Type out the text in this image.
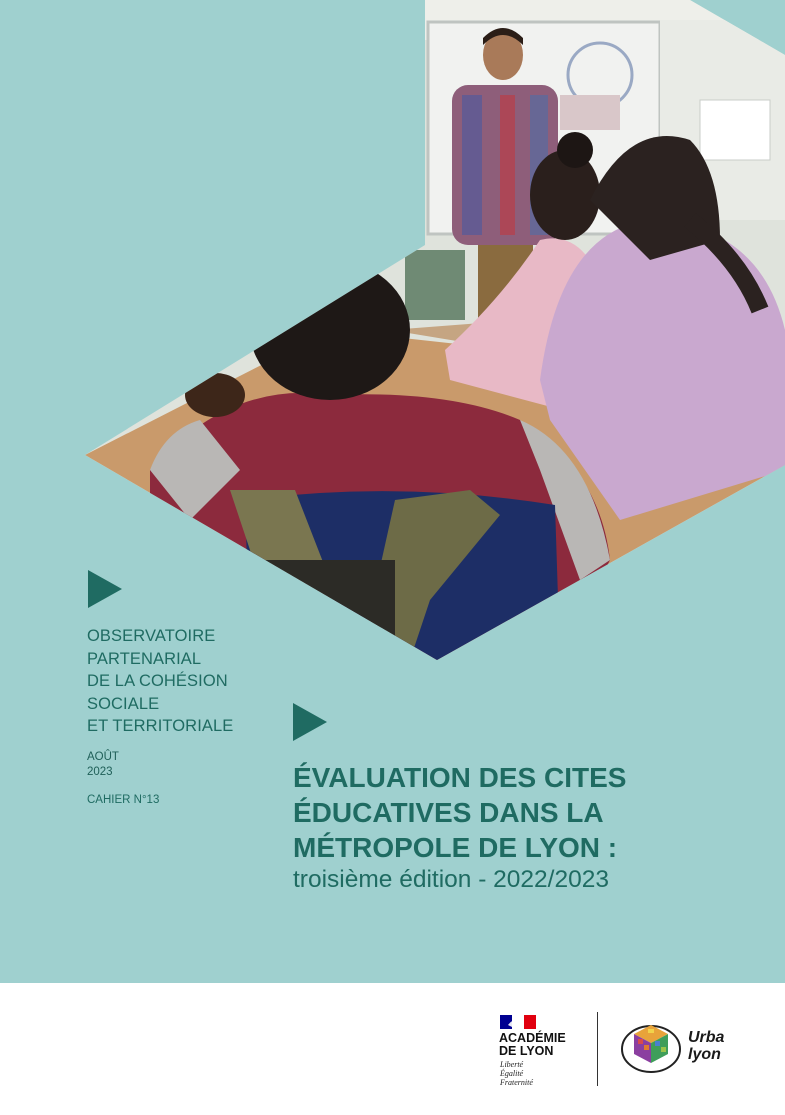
OBSERVATOIRE
PARTENARIAL
DE LA COHÉSION
SOCIALE
ET TERRITORIALE
AOÛT
2023
CAHIER N°13
ÉVALUATION DES CITES
ÉDUCATIVES DANS LA
MÉTROPOLE DE LYON :
troisième édition - 2022/2023
ACADÉMIE
DE LYON
Liberté
Égalité
Fraternité
Urba
lyon
